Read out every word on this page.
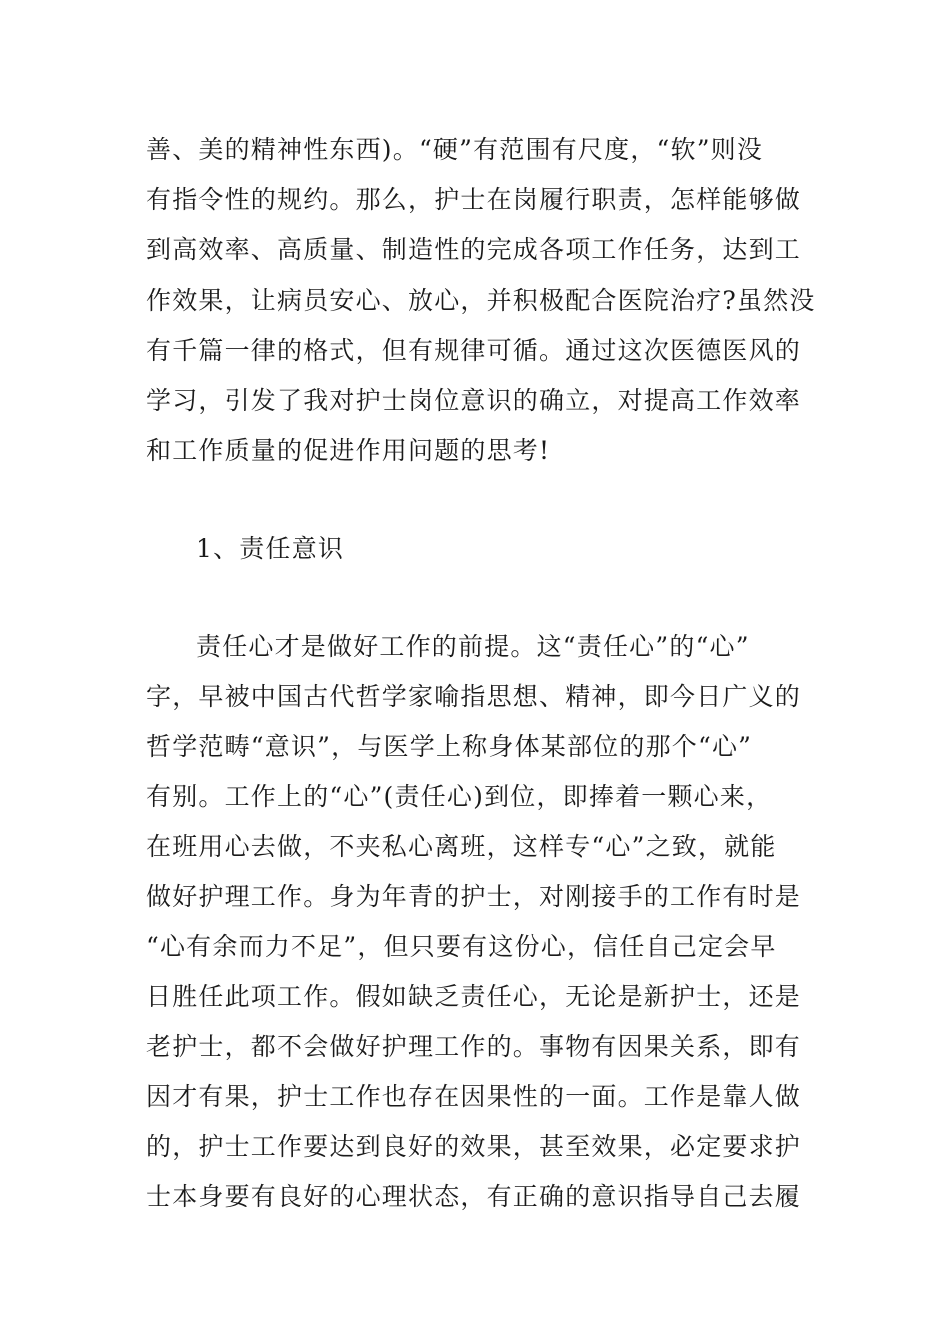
善、美的精神性东西)。“硬”有范围有尺度，“软”则没
有指令性的规约。那么，护士在岗履行职责，怎样能够做
到高效率、高质量、制造性的完成各项工作任务，达到工
作效果，让病员安心、放心，并积极配合医院治疗?虽然没
有千篇一律的格式，但有规律可循。通过这次医德医风的
学习，引发了我对护士岗位意识的确立，对提高工作效率
和工作质量的促进作用问题的思考!
1、责任意识
责任心才是做好工作的前提。这“责任心”的“心”
字，早被中国古代哲学家喻指思想、精神，即今日广义的
哲学范畴“意识”，与医学上称身体某部位的那个“心”
有别。工作上的“心”(责任心)到位，即捧着一颗心来，
在班用心去做，不夹私心离班，这样专“心”之致，就能
做好护理工作。身为年青的护士，对刚接手的工作有时是
“心有余而力不足”，但只要有这份心，信任自己定会早
日胜任此项工作。假如缺乏责任心，无论是新护士，还是
老护士，都不会做好护理工作的。事物有因果关系，即有
因才有果，护士工作也存在因果性的一面。工作是靠人做
的，护士工作要达到良好的效果，甚至效果，必定要求护
士本身要有良好的心理状态，有正确的意识指导自己去履
